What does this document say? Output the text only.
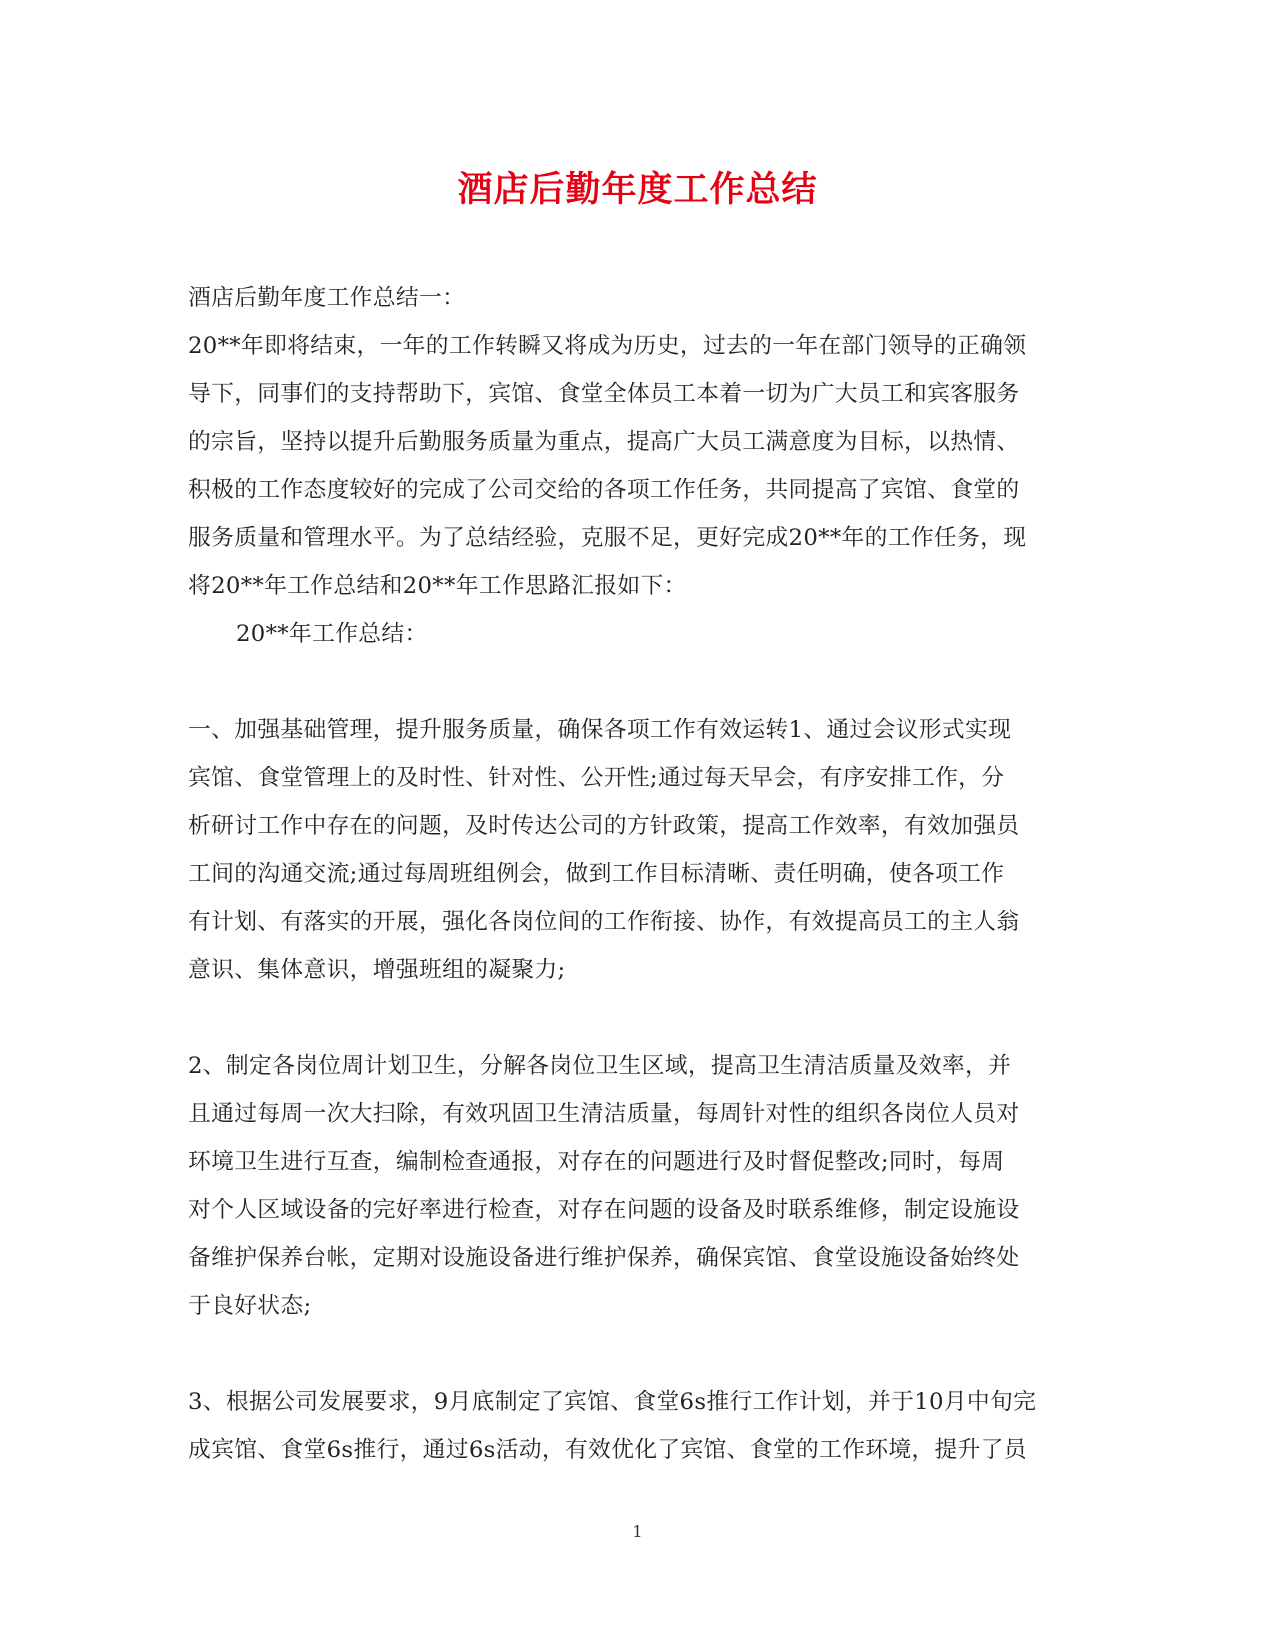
酒店后勤年度工作总结
酒店后勤年度工作总结一：
20**年即将结束，一年的工作转瞬又将成为历史，过去的一年在部门领导的正确领
导下，同事们的支持帮助下，宾馆、食堂全体员工本着一切为广大员工和宾客服务
的宗旨，坚持以提升后勤服务质量为重点，提高广大员工满意度为目标，以热情、
积极的工作态度较好的完成了公司交给的各项工作任务，共同提高了宾馆、食堂的
服务质量和管理水平。为了总结经验，克服不足，更好完成20**年的工作任务，现
将20**年工作总结和20**年工作思路汇报如下：
20**年工作总结：
一、加强基础管理，提升服务质量，确保各项工作有效运转1、通过会议形式实现
宾馆、食堂管理上的及时性、针对性、公开性;通过每天早会，有序安排工作，分
析研讨工作中存在的问题，及时传达公司的方针政策，提高工作效率，有效加强员
工间的沟通交流;通过每周班组例会，做到工作目标清晰、责任明确，使各项工作
有计划、有落实的开展，强化各岗位间的工作衔接、协作，有效提高员工的主人翁
意识、集体意识，增强班组的凝聚力;
2、制定各岗位周计划卫生，分解各岗位卫生区域，提高卫生清洁质量及效率，并
且通过每周一次大扫除，有效巩固卫生清洁质量，每周针对性的组织各岗位人员对
环境卫生进行互查，编制检查通报，对存在的问题进行及时督促整改;同时，每周
对个人区域设备的完好率进行检查，对存在问题的设备及时联系维修，制定设施设
备维护保养台帐，定期对设施设备进行维护保养，确保宾馆、食堂设施设备始终处
于良好状态;
3、根据公司发展要求，9月底制定了宾馆、食堂6s推行工作计划，并于10月中旬完
成宾馆、食堂6s推行，通过6s活动，有效优化了宾馆、食堂的工作环境，提升了员
1
